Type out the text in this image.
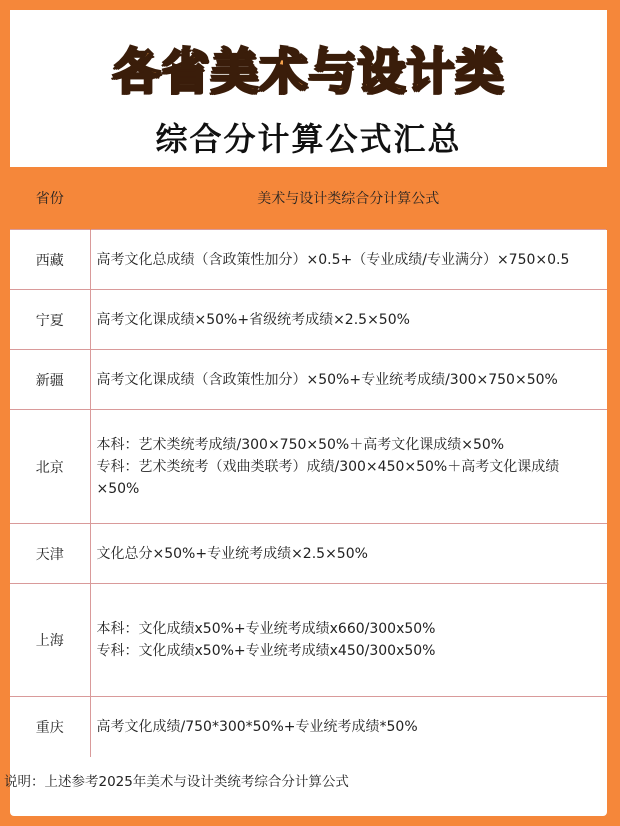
各省美术与设计类
综合分计算公式汇总
省份	美术与设计类综合分计算公式
西藏	高考文化总成绩（含政策性加分）×0.5+（专业成绩/专业满分）×750×0.5

宁夏	高考文化课成绩×50%+省级统考成绩×2.5×50%

新疆	高考文化课成绩（含政策性加分）×50%+专业统考成绩/300×750×50%

北京	本科：艺术类统考成绩/300×750×50%＋高考文化课成绩×50%
专科：艺术类统考（戏曲类联考）成绩/300×450×50%＋高考文化课成绩
×50%

天津	文化总分×50%+专业统考成绩×2.5×50%

上海	本科：文化成绩x50%+专业统考成绩x660/300x50%
专科：文化成绩x50%+专业统考成绩x450/300x50%

重庆	高考文化成绩/750*300*50%+专业统考成绩*50%
说明：上述参考2025年美术与设计类统考综合分计算公式
